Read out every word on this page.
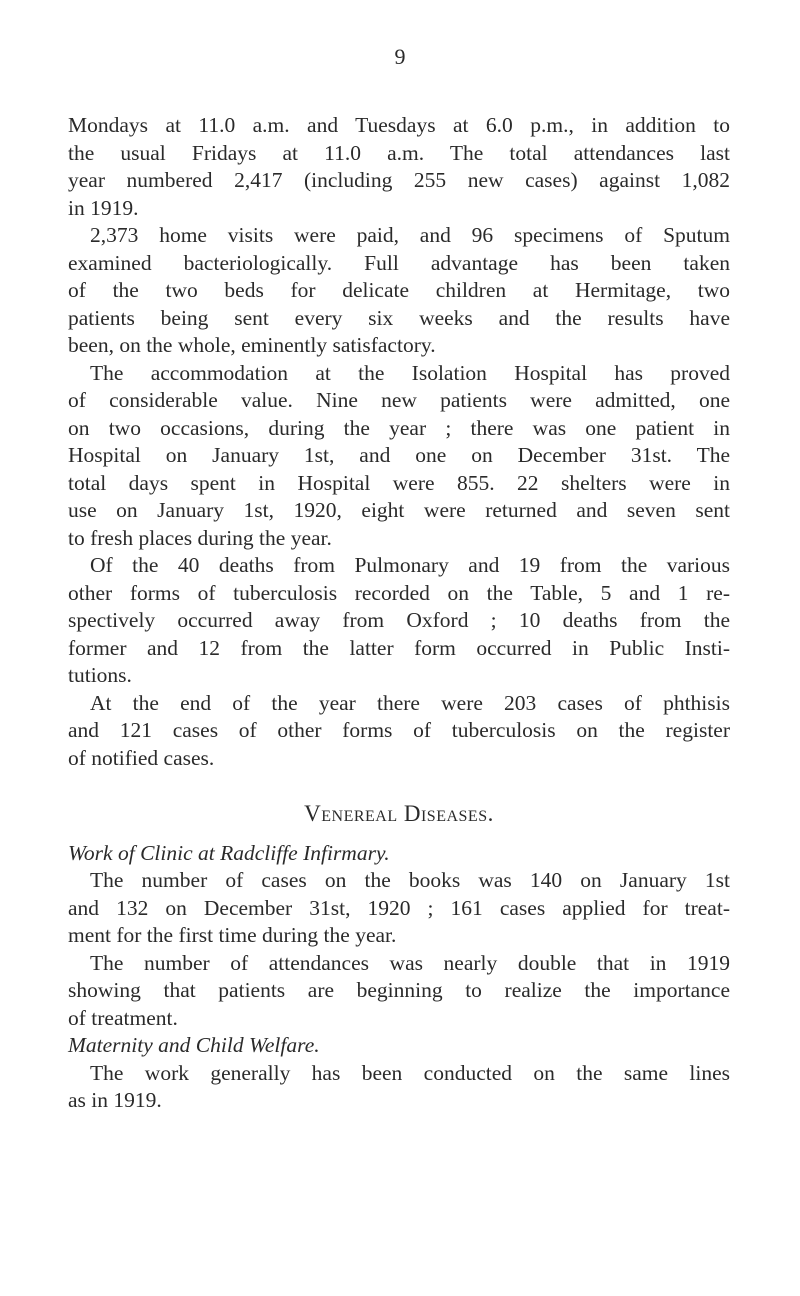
9
Mondays at 11.0 a.m. and Tuesdays at 6.0 p.m., in addition to
the usual Fridays at 11.0 a.m. The total attendances last
year numbered 2,417 (including 255 new cases) against 1,082
in 1919.
2,373 home visits were paid, and 96 specimens of Sputum
examined bacteriologically. Full advantage has been taken
of the two beds for delicate children at Hermitage, two
patients being sent every six weeks and the results have
been, on the whole, eminently satisfactory.
The accommodation at the Isolation Hospital has proved
of considerable value. Nine new patients were admitted, one
on two occasions, during the year ; there was one patient in
Hospital on January 1st, and one on December 31st. The
total days spent in Hospital were 855. 22 shelters were in
use on January 1st, 1920, eight were returned and seven sent
to fresh places during the year.
Of the 40 deaths from Pulmonary and 19 from the various
other forms of tuberculosis recorded on the Table, 5 and 1 re-
spectively occurred away from Oxford ; 10 deaths from the
former and 12 from the latter form occurred in Public Insti-
tutions.
At the end of the year there were 203 cases of phthisis
and 121 cases of other forms of tuberculosis on the register
of notified cases.
Venereal Diseases.
Work of Clinic at Radcliffe Infirmary.
The number of cases on the books was 140 on January 1st
and 132 on December 31st, 1920 ; 161 cases applied for treat-
ment for the first time during the year.
The number of attendances was nearly double that in 1919
showing that patients are beginning to realize the importance
of treatment.
Maternity and Child Welfare.
The work generally has been conducted on the same lines
as in 1919.
